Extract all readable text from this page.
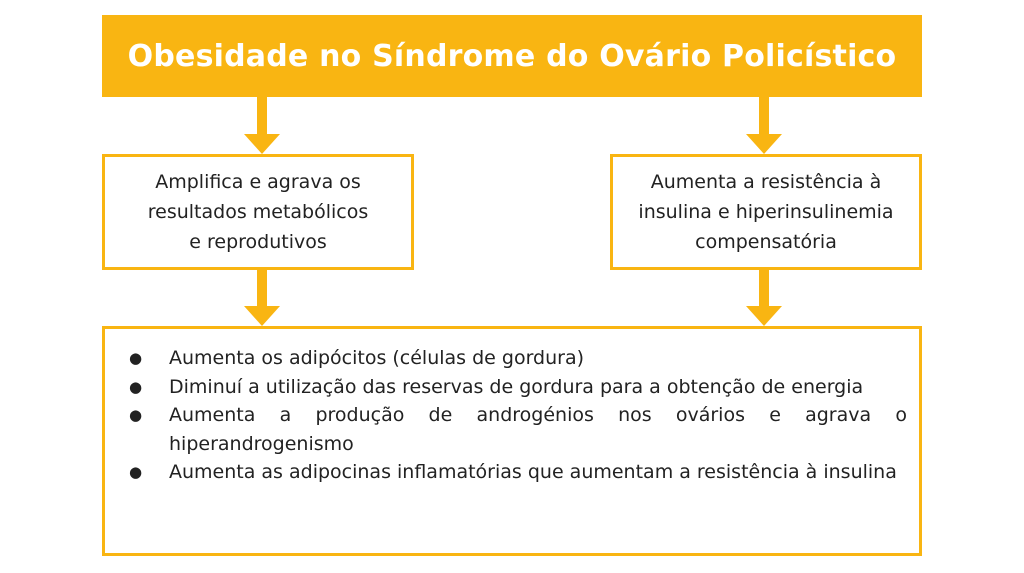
Obesidade no Síndrome do Ovário Policístico
Amplifica e agrava os
resultados metabólicos
e reprodutivos
Aumenta a resistência à
insulina e hiperinsulinemia
compensatória
● Aumenta os adipócitos (células de gordura)
● Diminuí a utilização das reservas de gordura para a obtenção de energia
● Aumenta a produção de androgénios nos ovários e agrava o hiperandrogenismo
● Aumenta as adipocinas inflamatórias que aumentam a resistência à insulina
